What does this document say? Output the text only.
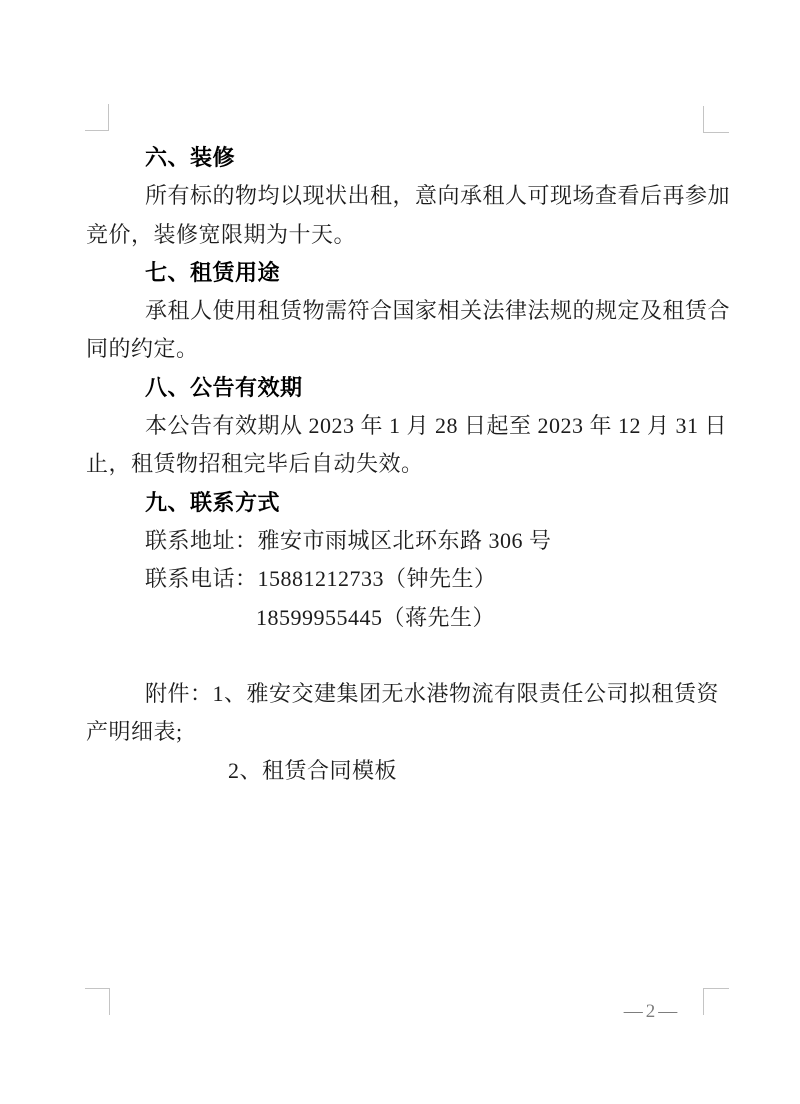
六、装修
所有标的物均以现状出租，意向承租人可现场查看后再参加
竞价，装修宽限期为十天。
七、租赁用途
承租人使用租赁物需符合国家相关法律法规的规定及租赁合
同的约定。
八、公告有效期
本公告有效期从 2023 年 1 月 28 日起至 2023 年 12 月 31 日
止，租赁物招租完毕后自动失效。
九、联系方式
联系地址：雅安市雨城区北环东路 306 号
联系电话：15881212733（钟先生）
18599955445（蒋先生）
附件：1、雅安交建集团无水港物流有限责任公司拟租赁资
产明细表;
2、租赁合同模板
—2—
